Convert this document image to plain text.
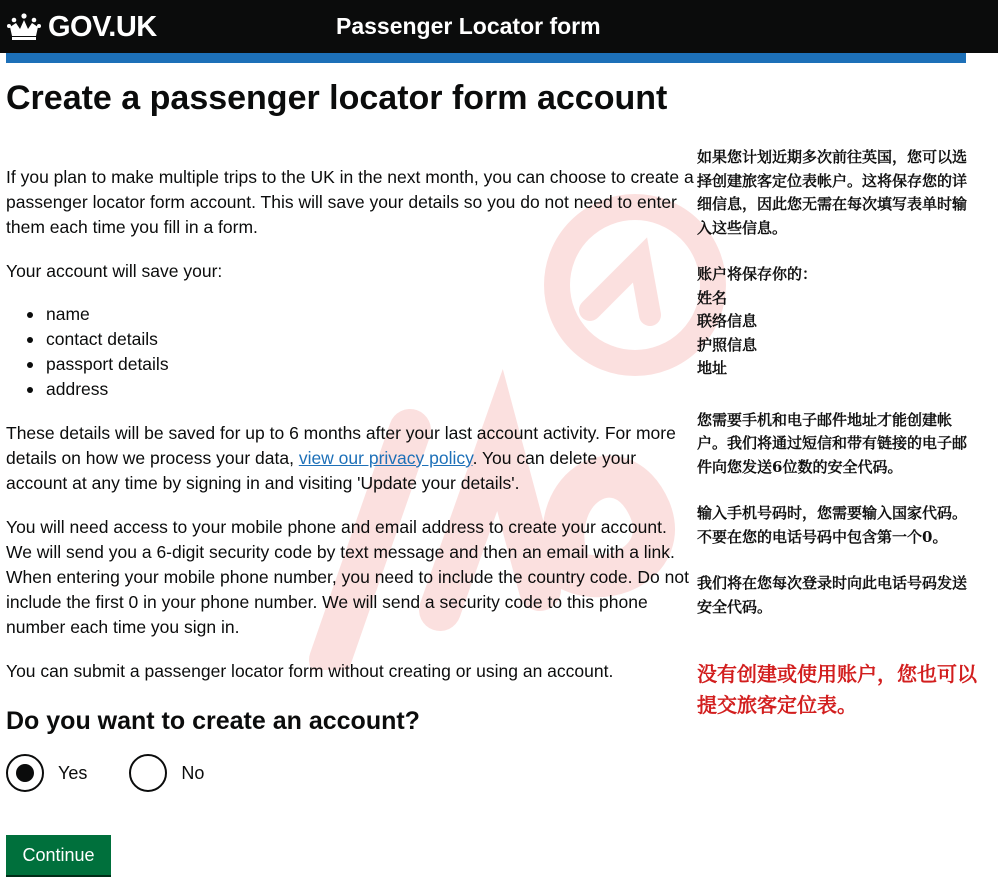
GOV.UK	Passenger Locator form
Create a passenger locator form account

If you plan to make multiple trips to the UK in the next month, you can choose to create a passenger locator form account. This will save your details so you do not need to enter them each time you fill in a form.

Your account will save your:

name
contact details
passport details
address

These details will be saved for up to 6 months after your last account activity. For more details on how we process your data, view our privacy policy. You can delete your account at any time by signing in and visiting 'Update your details'.

You will need access to your mobile phone and email address to create your account. We will send you a 6-digit security code by text message and then an email with a link. When entering your mobile phone number, you need to include the country code. Do not include the first 0 in your phone number. We will send a security code to this phone number each time you sign in.

You can submit a passenger locator form without creating or using an account.

Do you want to create an account?
Yes	No
Continue
如果您计划近期多次前往英国，您可以选择创建旅客定位表帐户。这将保存您的详细信息，因此您无需在每次填写表单时输入这些信息。
账户将保存你的：
姓名
联络信息
护照信息
地址
您需要手机和电子邮件地址才能创建帐户。我们将通过短信和带有链接的电子邮件向您发送6位数的安全代码。
输入手机号码时，您需要输入国家代码。不要在您的电话号码中包含第一个0。
我们将在您每次登录时向此电话号码发送安全代码。
没有创建或使用账户，您也可以提交旅客定位表。
